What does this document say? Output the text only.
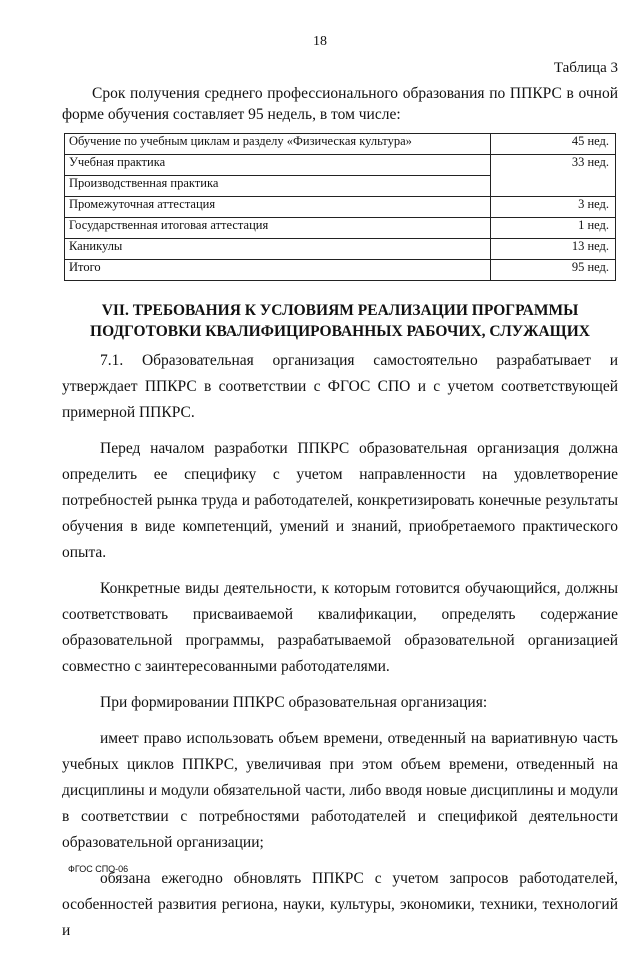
18
Таблица 3

Срок получения среднего профессионального образования по ППКРС в очной форме обучения составляет 95 недель, в том числе:

Обучение по учебным циклам и разделу «Физическая культура»	45 нед.
Учебная практика	33 нед.
Производственная практика	
Промежуточная аттестация	3 нед.
Государственная итоговая аттестация	1 нед.
Каникулы	13 нед.
Итого	95 нед.
VII. ТРЕБОВАНИЯ К УСЛОВИЯМ РЕАЛИЗАЦИИ ПРОГРАММЫ
ПОДГОТОВКИ КВАЛИФИЦИРОВАННЫХ РАБОЧИХ, СЛУЖАЩИХ

7.1. Образовательная организация самостоятельно разрабатывает и утверждает ППКРС в соответствии с ФГОС СПО и с учетом соответствующей примерной ППКРС.

Перед началом разработки ППКРС образовательная организация должна определить ее специфику с учетом направленности на удовлетворение потребностей рынка труда и работодателей, конкретизировать конечные результаты обучения в виде компетенций, умений и знаний, приобретаемого практического опыта.

Конкретные виды деятельности, к которым готовится обучающийся, должны соответствовать присваиваемой квалификации, определять содержание образовательной программы, разрабатываемой образовательной организацией совместно с заинтересованными работодателями.

При формировании ППКРС образовательная организация:

имеет право использовать объем времени, отведенный на вариативную часть учебных циклов ППКРС, увеличивая при этом объем времени, отведенный на дисциплины и модули обязательной части, либо вводя новые дисциплины и модули в соответствии с потребностями работодателей и спецификой деятельности образовательной организации;

обязана ежегодно обновлять ППКРС с учетом запросов работодателей, особенностей развития региона, науки, культуры, экономики, техники, технологий и

ФГОС СПО-06
